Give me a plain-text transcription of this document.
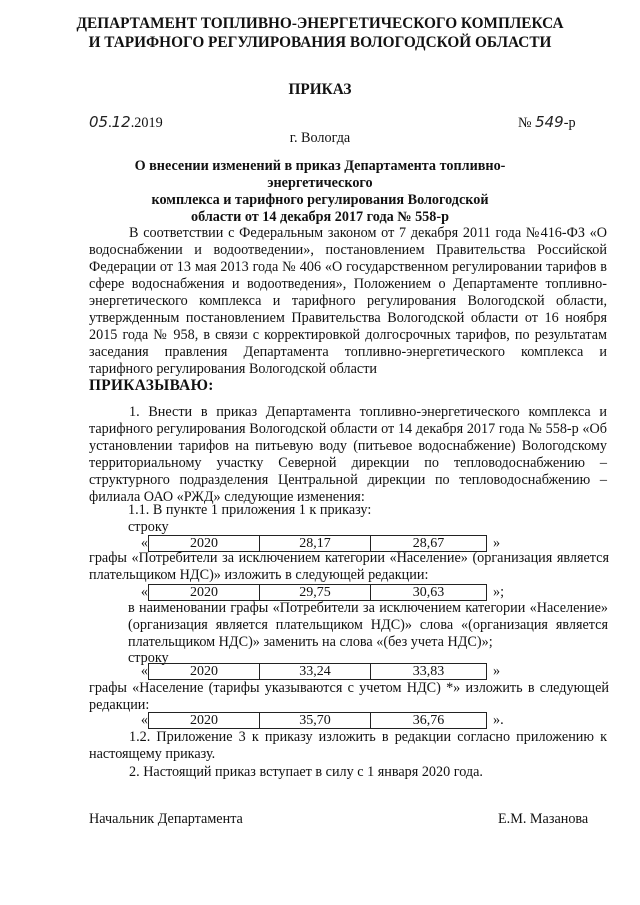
ДЕПАРТАМЕНТ ТОПЛИВНО-ЭНЕРГЕТИЧЕСКОГО КОМПЛЕКСА
И ТАРИФНОГО РЕГУЛИРОВАНИЯ ВОЛОГОДСКОЙ ОБЛАСТИ
ПРИКАЗ
05.12.2019	№ 549-р
г. Вологда
О внесении изменений в приказ Департамента топливно-энергетического
комплекса и тарифного регулирования Вологодской
области от 14 декабря 2017 года № 558-р

В соответствии с Федеральным законом от 7 декабря 2011 года №416-ФЗ «О водоснабжении и водоотведении», постановлением Правительства Российской Федерации от 13 мая 2013 года № 406 «О государственном регулировании тарифов в сфере водоснабжения и водоотведения», Положением о Департаменте топливно-энергетического комплекса и тарифного регулирования Вологодской области, утвержденным постановлением Правительства Вологодской области от 16 ноября 2015 года № 958, в связи с корректировкой долгосрочных тарифов, по результатам заседания правления Департамента топливно-энергетического комплекса и тарифного регулирования Вологодской области

ПРИКАЗЫВАЮ:

1. Внести в приказ Департамента топливно-энергетического комплекса и тарифного регулирования Вологодской области от 14 декабря 2017 года № 558-р «Об установлении тарифов на питьевую воду (питьевое водоснабжение) Вологодскому территориальному участку Северной дирекции по тепловодоснабжению – структурного подразделения Центральной дирекции по тепловодоснабжению – филиала ОАО «РЖД» следующие изменения:

1.1. В пункте 1 приложения 1 к приказу:
строку
«	2020	28,17	28,67	»
графы «Потребители за исключением категории «Население» (организация является плательщиком НДС)» изложить в следующей редакции:
«	2020	29,75	30,63	»;
в наименовании графы «Потребители за исключением категории «Население» (организация является плательщиком НДС)» слова «(организация является плательщиком НДС)» заменить на слова «(без учета НДС)»;
строку
«	2020	33,24	33,83	»
графы «Население (тарифы указываются с учетом НДС) *» изложить в следующей редакции:
«	2020	35,70	36,76	».
1.2. Приложение 3 к приказу изложить в редакции согласно приложению к настоящему приказу.
2. Настоящий приказ вступает в силу с 1 января 2020 года.
Начальник Департамента	Е.М. Мазанова
